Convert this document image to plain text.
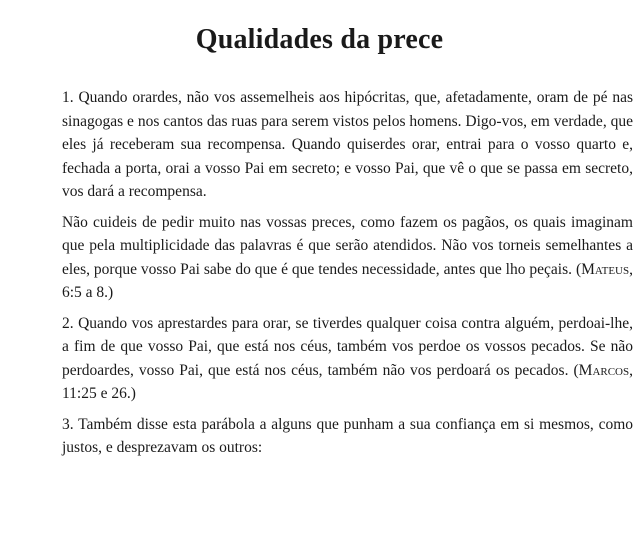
Qualidades da prece

1. Quando orardes, não vos assemelheis aos hipócritas, que, afetadamente, oram de pé nas sinagogas e nos cantos das ruas para serem vistos pelos homens. Digo-vos, em verdade, que eles já receberam sua recompensa. Quando quiserdes orar, entrai para o vosso quarto e, fechada a porta, orai a vosso Pai em secreto; e vosso Pai, que vê o que se passa em secreto, vos dará a recompensa.

Não cuideis de pedir muito nas vossas preces, como fazem os pagãos, os quais imaginam que pela multiplicidade das palavras é que serão atendidos. Não vos torneis semelhantes a eles, porque vosso Pai sabe do que é que tendes necessidade, antes que lho peçais. (Mateus, 6:5 a 8.)

2. Quando vos aprestardes para orar, se tiverdes qualquer coisa contra alguém, perdoai-lhe, a fim de que vosso Pai, que está nos céus, também vos perdoe os vossos pecados. Se não perdoardes, vosso Pai, que está nos céus, também não vos perdoará os pecados. (Marcos, 11:25 e 26.)

3. Também disse esta parábola a alguns que punham a sua confiança em si mesmos, como justos, e desprezavam os outros:
